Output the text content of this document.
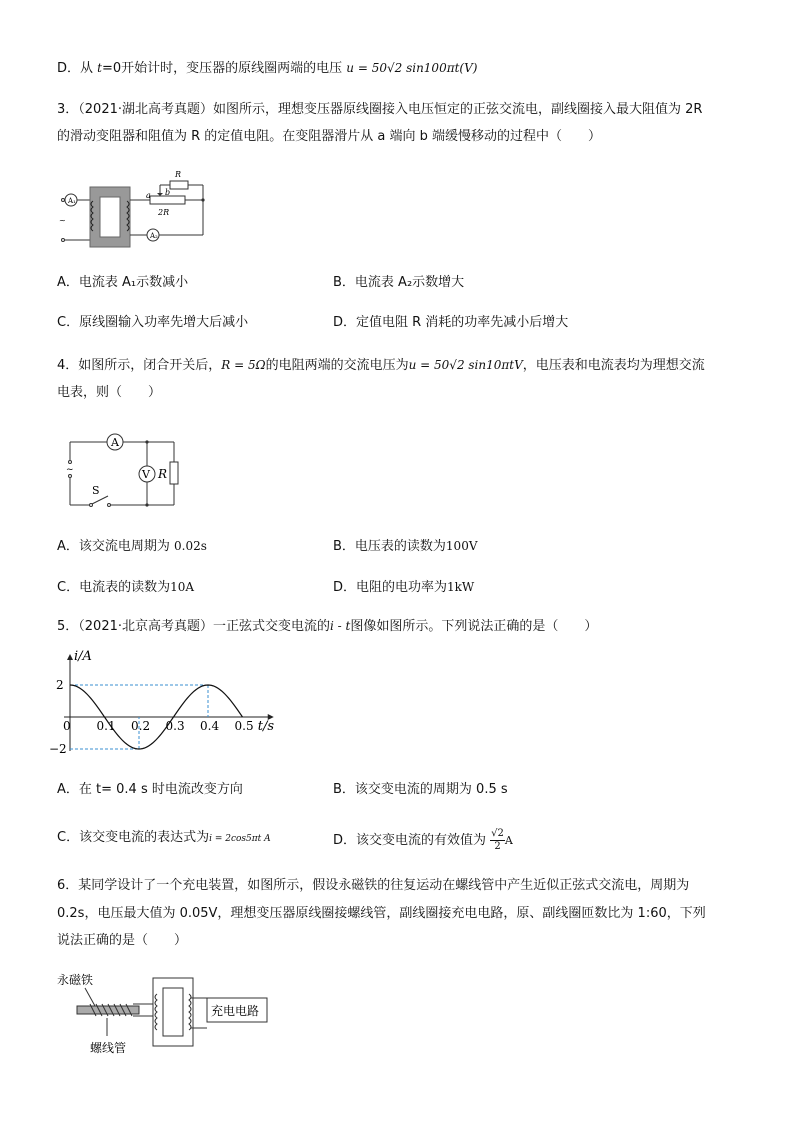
D．从 t=0开始计时，变压器的原线圈两端的电压 u = 50√2 sin100πt(V)
3．（2021·湖北高考真题）如图所示，理想变压器原线圈接入电压恒定的正弦交流电，副线圈接入最大阻值为 2R
的滑动变阻器和阻值为 R 的定值电阻。在变阻器滑片从 a 端向 b 端缓慢移动的过程中（　　）
A₁
A₂
R
a b
2R
~
A．电流表 A₁示数减小	B．电流表 A₂示数增大
C．原线圈输入功率先增大后减小	D．定值电阻 R 消耗的功率先减小后增大
4．如图所示，闭合开关后，R = 5Ω的电阻两端的交流电压为u = 50√2 sin10πtV，电压表和电流表均为理想交流
电表，则（　　）
A
V R
S
~
A．该交流电周期为 0.02s	B．电压表的读数为100V
C．电流表的读数为10A	D．电阻的电功率为1kW
5．（2021·北京高考真题）一正弦式交变电流的i - t图像如图所示。下列说法正确的是（　　）
0 0.1 0.2 0.3 0.4 0.5
2
−2
i/A
t/s
A．在 t= 0.4 s 时电流改变方向	B．该交变电流的周期为 0.5 s
C．该交变电流的表达式为i = 2cos5πt A	D．该交变电流的有效值为 $\frac{√2}{2}$ A
6．某同学设计了一个充电装置，如图所示，假设永磁铁的往复运动在螺线管中产生近似正弦式交流电，周期为
0.2s，电压最大值为 0.05V，理想变压器原线圈接螺线管，副线圈接充电电路，原、副线圈匝数比为 1:60，下列
说法正确的是（　　）
永磁铁
螺线管
充电电路
